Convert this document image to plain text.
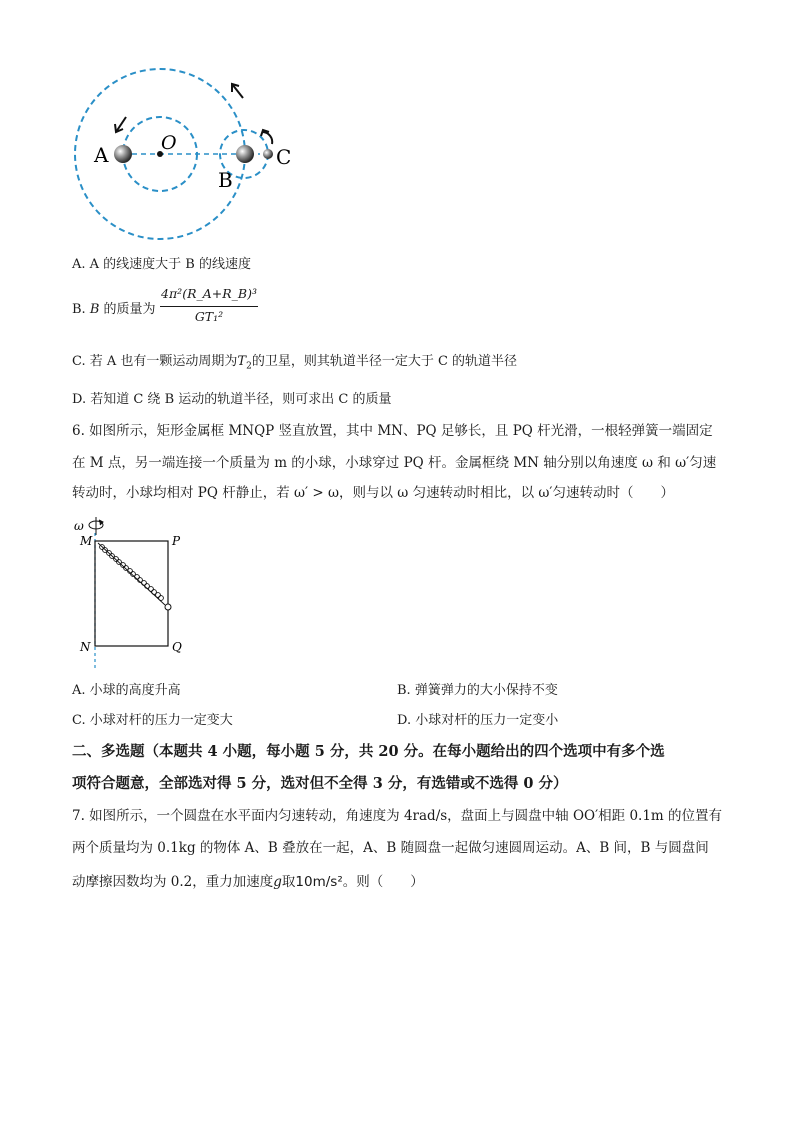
A	O
B
C
A. A 的线速度大于 B 的线速度
B. B 的质量为 $\frac{\text{4π²(R\_A+R\_B)³}}{\text{GT₁²}}$
C. 若 A 也有一颗运动周期为$T_2$的卫星，则其轨道半径一定大于 C 的轨道半径
D. 若知道 C 绕 B 运动的轨道半径，则可求出 C 的质量
6. 如图所示，矩形金属框 MNQP 竖直放置，其中 MN、PQ 足够长，且 PQ 杆光滑，一根轻弹簧一端固定
在 M 点，另一端连接一个质量为 m 的小球，小球穿过 PQ 杆。金属框绕 MN 轴分别以角速度 ω 和 ω′匀速
转动时，小球均相对 PQ 杆静止，若 ω′ > ω，则与以 ω 匀速转动时相比，以 ω′匀速转动时（　　）
ω
M	P
N	Q
A. 小球的高度升高	B. 弹簧弹力的大小保持不变
C. 小球对杆的压力一定变大	D. 小球对杆的压力一定变小
二、多选题（本题共 4 小题，每小题 5 分，共 20 分。在每小题给出的四个选项中有多个选
项符合题意，全部选对得 5 分，选对但不全得 3 分，有选错或不选得 0 分）
7. 如图所示，一个圆盘在水平面内匀速转动，角速度为 4rad/s，盘面上与圆盘中轴 OO′相距 0.1m 的位置有
两个质量均为 0.1kg 的物体 A、B 叠放在一起，A、B 随圆盘一起做匀速圆周运动。A、B 间，B 与圆盘间
动摩擦因数均为 0.2，重力加速度g取10m/s²。则（　　）
